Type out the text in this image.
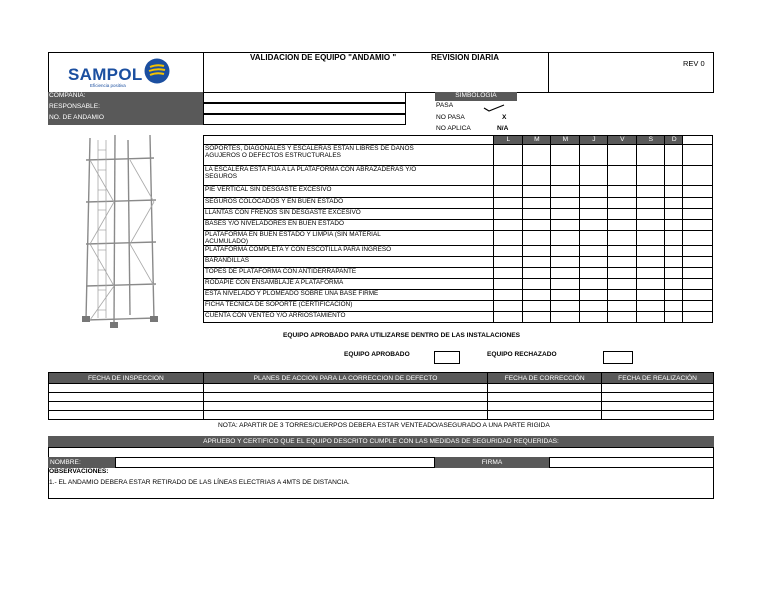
SAMPOL
Eficiencia positiva
VALIDACION DE EQUIPO "ANDAMIO "	REVISION DIARIA
REV 0
COMPAÑIA:
RESPONSABLE:
NO. DE ANDAMIO
SIMBOLOGIA
PASA
NO PASA	X
NO APLICA	N/A
	L	M	M	J	V	S	D	
SOPORTES, DIAGONALES Y ESCALERAS ESTAN LIBRES DE DAÑOS AGUJEROS O DEFECTOS ESTRUCTURALES								
LA ESCALERA ESTA FIJA A LA PLATAFORMA CON ABRAZADERAS Y/O SEGUROS								
PIE VERTICAL SIN DESGASTE EXCESIVO								
SEGUROS COLOCADOS Y EN BUEN ESTADO								
LLANTAS CON FRENOS SIN DESGASTE EXCESIVO								
BASES Y/O NIVELADORES EN BUEN ESTADO								
PLATAFORMA EN BUEN ESTADO Y LIMPIA (SIN MATERIAL ACUMULADO)								
PLATAFORMA COMPLETA Y CON ESCOTILLA PARA INGRESO								
BARANDILLAS								
TOPES DE PLATAFORMA CON ANTIDERRAPANTE								
RODAPIE CON ENSAMBLAJE A PLATAFORMA								
ESTA NIVELADO Y PLOMEADO SOBRE UNA BASE FIRME								
FICHA TECNICA DE SOPORTE (CERTIFICACION)								
CUENTA CON VENTEO Y/O ARRIOSTAMIENTO								
EQUIPO APROBADO PARA UTILIZARSE DENTRO DE LAS INSTALACIONES
EQUIPO APROBADO	EQUIPO RECHAZADO
FECHA DE INSPECCION	PLANES DE ACCION PARA LA CORRECCION DE DEFECTO	FECHA DE CORRECCIÓN	FECHA DE REALIZACIÓN

NOTA: APARTIR DE 3 TORRES/CUERPOS DEBERA ESTAR VENTEADO/ASEGURADO A UNA PARTE RIGIDA
APRUEBO Y CERTIFICO QUE EL EQUIPO DESCRITO CUMPLE CON LAS MEDIDAS DE SEGURIDAD REQUERIDAS:
NOMBRE:	FIRMA
OBSERVACIONES:
1.- EL ANDAMIO DEBERA ESTAR RETIRADO DE LAS LÍNEAS ELECTRIAS A 4MTS DE DISTANCIA.
